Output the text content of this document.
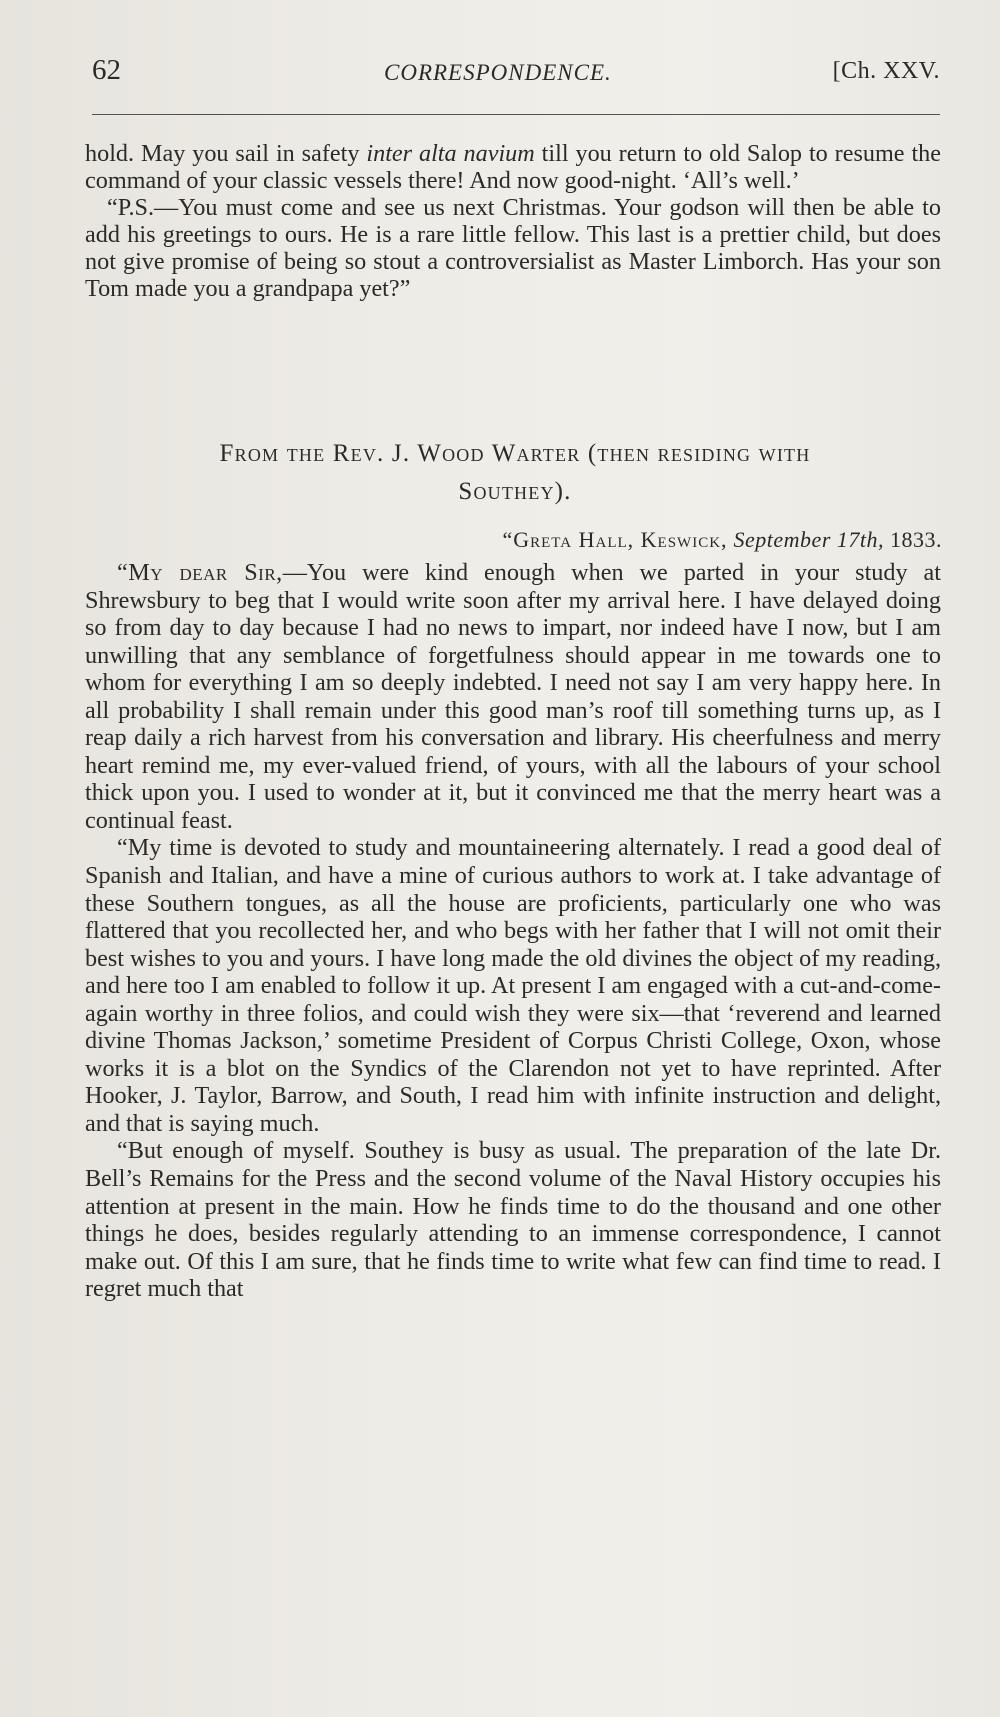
62	CORRESPONDENCE.	[Ch. XXV.

hold. May you sail in safety inter alta navium till you return to old Salop to resume the command of your classic vessels there! And now good-night. ‘All’s well.’

“P.S.—You must come and see us next Christmas. Your godson will then be able to add his greetings to ours. He is a rare little fellow. This last is a prettier child, but does not give promise of being so stout a controversialist as Master Limborch. Has your son Tom made you a grandpapa yet?”

From the Rev. J. Wood Warter (then residing with
Southey).
“Greta Hall, Keswick, September 17th, 1833.

“My dear Sir,—You were kind enough when we parted in your study at Shrewsbury to beg that I would write soon after my arrival here. I have delayed doing so from day to day because I had no news to impart, nor indeed have I now, but I am unwilling that any semblance of forgetfulness should appear in me towards one to whom for everything I am so deeply indebted. I need not say I am very happy here. In all probability I shall remain under this good man’s roof till something turns up, as I reap daily a rich harvest from his conversation and library. His cheerfulness and merry heart remind me, my ever-valued friend, of yours, with all the labours of your school thick upon you. I used to wonder at it, but it convinced me that the merry heart was a continual feast.

“My time is devoted to study and mountaineering alternately. I read a good deal of Spanish and Italian, and have a mine of curious authors to work at. I take advantage of these Southern tongues, as all the house are proficients, particularly one who was flattered that you recollected her, and who begs with her father that I will not omit their best wishes to you and yours. I have long made the old divines the object of my reading, and here too I am enabled to follow it up. At present I am engaged with a cut-and-come-again worthy in three folios, and could wish they were six—that ‘reverend and learned divine Thomas Jackson,’ sometime President of Corpus Christi College, Oxon, whose works it is a blot on the Syndics of the Clarendon not yet to have reprinted. After Hooker, J. Taylor, Barrow, and South, I read him with infinite instruction and delight, and that is saying much.

“But enough of myself. Southey is busy as usual. The preparation of the late Dr. Bell’s Remains for the Press and the second volume of the Naval History occupies his attention at present in the main. How he finds time to do the thousand and one other things he does, besides regularly attending to an immense correspondence, I cannot make out. Of this I am sure, that he finds time to write what few can find time to read. I regret much that
